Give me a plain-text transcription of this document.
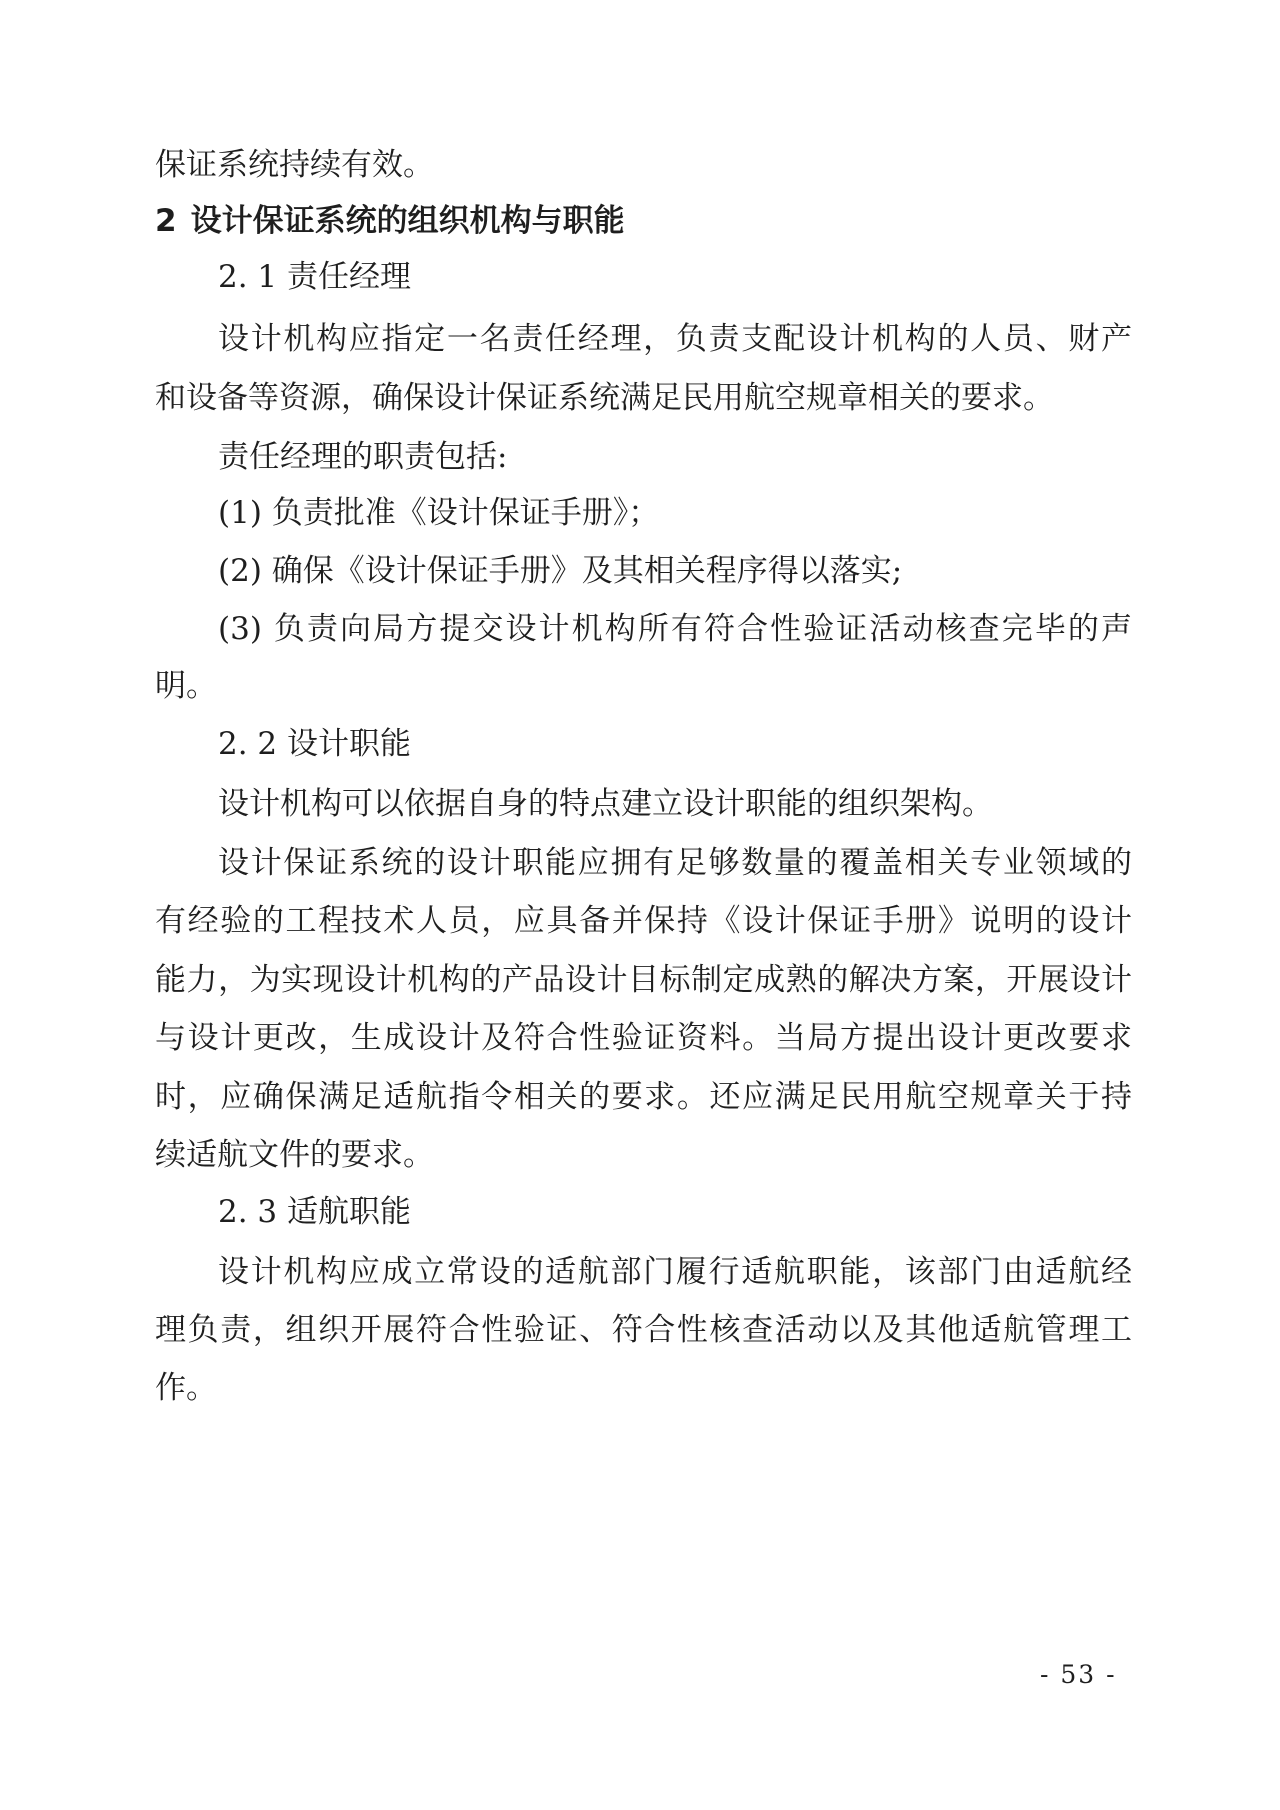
保证系统持续有效。
2 设计保证系统的组织机构与职能
2. 1 责任经理
设计机构应指定一名责任经理，负责支配设计机构的人员、财产
和设备等资源，确保设计保证系统满足民用航空规章相关的要求。
责任经理的职责包括:
(1) 负责批准《设计保证手册》；
(2) 确保《设计保证手册》及其相关程序得以落实;
(3) 负责向局方提交设计机构所有符合性验证活动核查完毕的声
明。
2. 2 设计职能
设计机构可以依据自身的特点建立设计职能的组织架构。
设计保证系统的设计职能应拥有足够数量的覆盖相关专业领域的
有经验的工程技术人员，应具备并保持《设计保证手册》说明的设计
能力，为实现设计机构的产品设计目标制定成熟的解决方案，开展设计
与设计更改，生成设计及符合性验证资料。当局方提出设计更改要求
时，应确保满足适航指令相关的要求。还应满足民用航空规章关于持
续适航文件的要求。
2. 3 适航职能
设计机构应成立常设的适航部门履行适航职能，该部门由适航经
理负责，组织开展符合性验证、符合性核查活动以及其他适航管理工
作。
- 53 -
